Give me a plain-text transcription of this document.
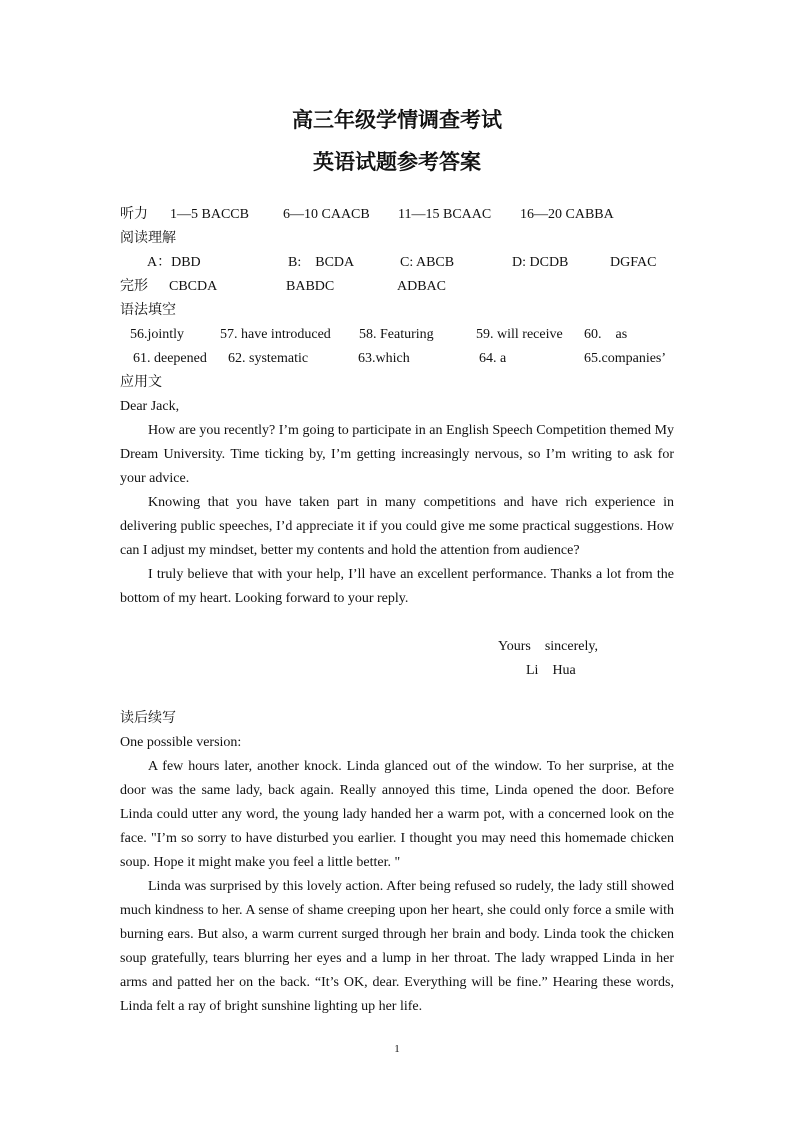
高三年级学情调查考试
英语试题参考答案
听力 1—5 BACCB 6—10 CAACB 11—15 BCAAC 16—20 CABBA
阅读理解
A：DBD	B:　BCDA	C: ABCB	D: DCDB	DGFAC
完形 CBCDA	BABDC	ADBAC
语法填空
56.jointly	57. have introduced 58. Featuring	59. will receive 60.　as
61. deepened 62. systematic	63.which	64. a	65.companies’
应用文
Dear Jack,
How are you recently? I’m going to participate in an English Speech Competition themed My Dream University. Time ticking by, I’m getting increasingly nervous, so I’m writing to ask for your advice.
Knowing that you have taken part in many competitions and have rich experience in delivering public speeches, I’d appreciate it if you could give me some practical suggestions. How can I adjust my mindset, better my contents and hold the attention from audience?
I truly believe that with your help, I’ll have an excellent performance. Thanks a lot from the bottom of my heart. Looking forward to your reply.
Yours　sincerely,
Li　Hua
读后续写
One possible version:
A few hours later, another knock. Linda glanced out of the window. To her surprise, at the door was the same lady, back again. Really annoyed this time, Linda opened the door. Before Linda could utter any word, the young lady handed her a warm pot, with a concerned look on the face. "I’m so sorry to have disturbed you earlier. I thought you may need this homemade chicken soup. Hope it might make you feel a little better. "
Linda was surprised by this lovely action. After being refused so rudely, the lady still showed much kindness to her. A sense of shame creeping upon her heart, she could only force a smile with burning ears. But also, a warm current surged through her brain and body. Linda took the chicken soup gratefully, tears blurring her eyes and a lump in her throat. The lady wrapped Linda in her arms and patted her on the back. “It’s OK, dear. Everything will be fine.” Hearing these words, Linda felt a ray of bright sunshine lighting up her life.
1
